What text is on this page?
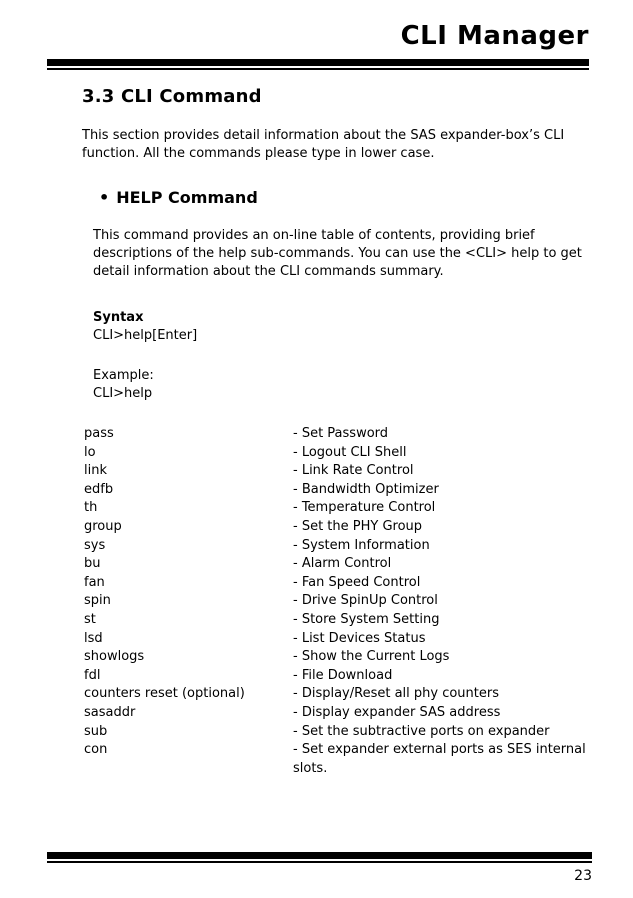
CLI Manager
3.3 CLI Command

This section provides detail information about the SAS expander-box’s CLI function. All the commands please type in lower case.

• HELP Command

This command provides an on-line table of contents, providing brief descriptions of the help sub-commands. You can use the <CLI> help to get detail information about the CLI commands summary.

Syntax

CLI>help[Enter]

Example:

CLI>help

pass	- Set Password
lo	- Logout CLI Shell
link	- Link Rate Control
edfb	- Bandwidth Optimizer
th	- Temperature Control
group	- Set the PHY Group
sys	- System Information
bu	- Alarm Control
fan	- Fan Speed Control
spin	- Drive SpinUp Control
st	- Store System Setting
lsd	- List Devices Status
showlogs	- Show the Current Logs
fdl	- File Download
counters reset (optional)	- Display/Reset all phy counters
sasaddr	- Display expander SAS address
sub	- Set the subtractive ports on expander
con	- Set expander external ports as SES internal slots.
23
